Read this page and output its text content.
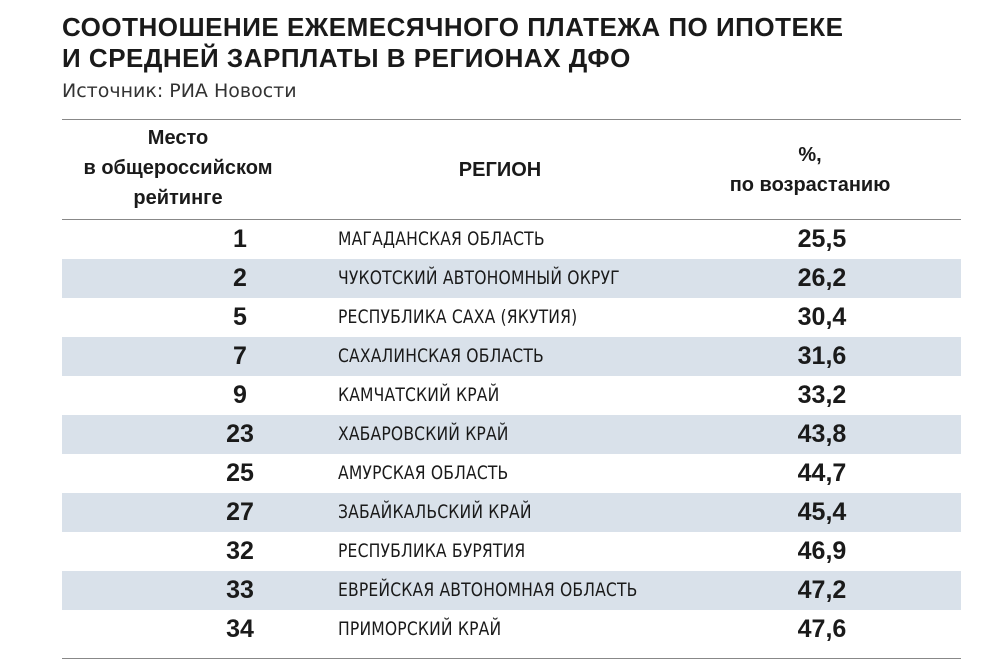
СООТНОШЕНИЕ ЕЖЕМЕСЯЧНОГО ПЛАТЕЖА ПО ИПОТЕКЕ
И СРЕДНЕЙ ЗАРПЛАТЫ В РЕГИОНАХ ДФО
Источник: РИА Новости
Место
в общероссийском
рейтинге
РЕГИОН
%,
по возрастанию
1	МАГАДАНСКАЯ ОБЛАСТЬ	25,5
2	ЧУКОТСКИЙ АВТОНОМНЫЙ ОКРУГ	26,2
5	РЕСПУБЛИКА САХА (ЯКУТИЯ)	30,4
7	САХАЛИНСКАЯ ОБЛАСТЬ	31,6
9	КАМЧАТСКИЙ КРАЙ	33,2
23	ХАБАРОВСКИЙ КРАЙ	43,8
25	АМУРСКАЯ ОБЛАСТЬ	44,7
27	ЗАБАЙКАЛЬСКИЙ КРАЙ	45,4
32	РЕСПУБЛИКА БУРЯТИЯ	46,9
33	ЕВРЕЙСКАЯ АВТОНОМНАЯ ОБЛАСТЬ	47,2
34	ПРИМОРСКИЙ КРАЙ	47,6
